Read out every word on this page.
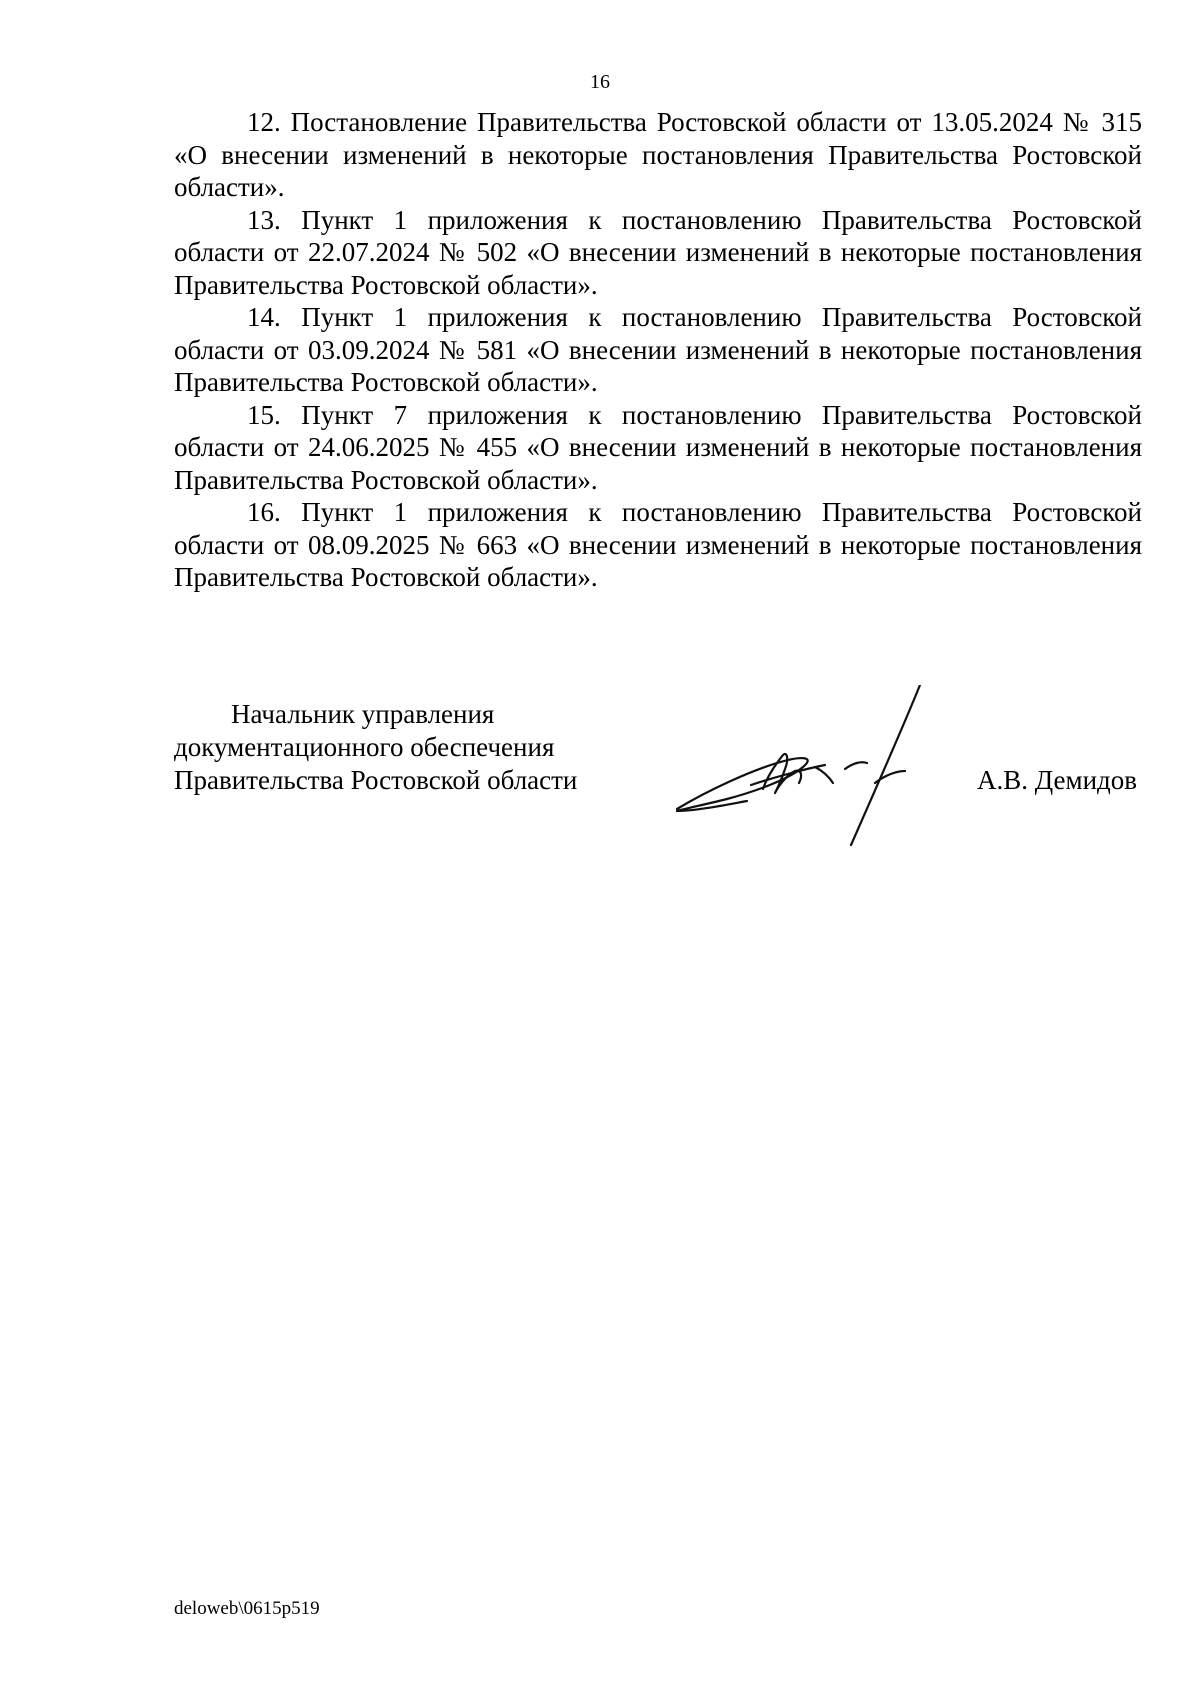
16

12. Постановление Правительства Ростовской области от 13.05.2024 № 315 «О внесении изменений в некоторые постановления Правительства Ростовской области».

13. Пункт 1 приложения к постановлению Правительства Ростовской области от 22.07.2024 № 502 «О внесении изменений в некоторые постановления Правительства Ростовской области».

14. Пункт 1 приложения к постановлению Правительства Ростовской области от 03.09.2024 № 581 «О внесении изменений в некоторые постановления Правительства Ростовской области».

15. Пункт 7 приложения к постановлению Правительства Ростовской области от 24.06.2025 № 455 «О внесении изменений в некоторые постановления Правительства Ростовской области».

16. Пункт 1 приложения к постановлению Правительства Ростовской области от 08.09.2025 № 663 «О внесении изменений в некоторые постановления Правительства Ростовской области».

Начальник управления
документационного обеспечения
Правительства Ростовской области	А.В. Демидов
deloweb\0615p519
